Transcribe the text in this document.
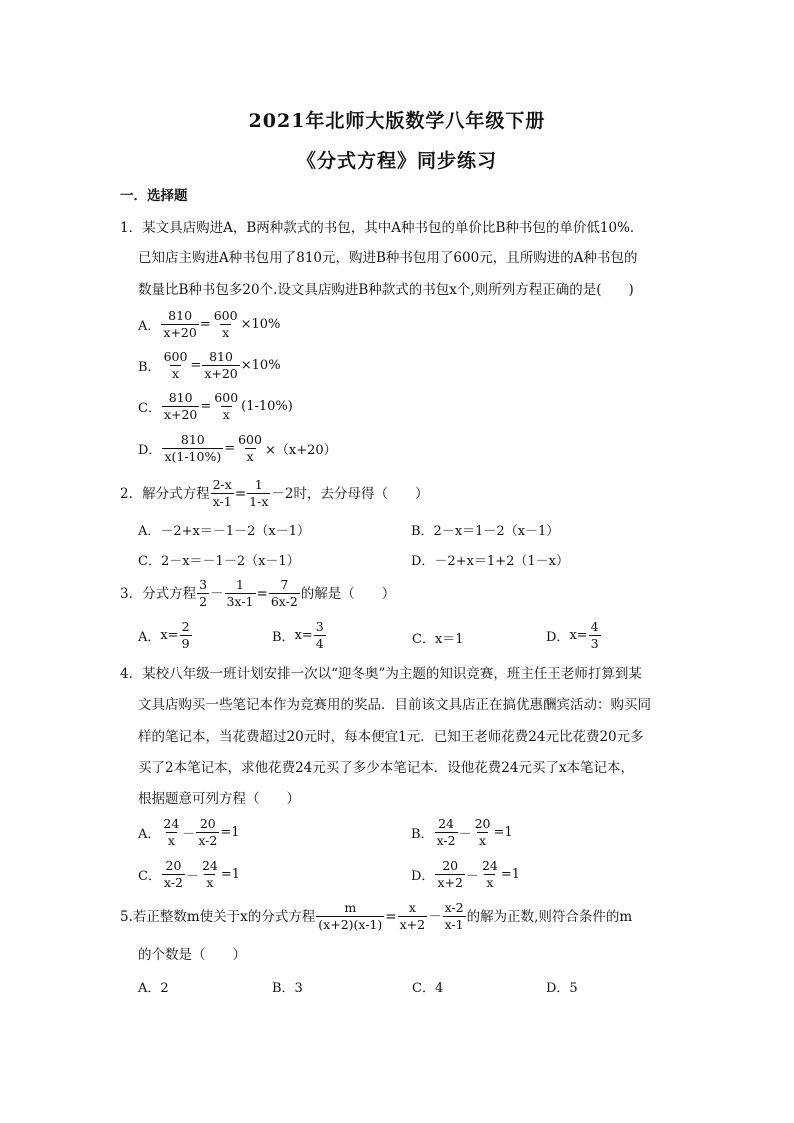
2021年北师大版数学八年级下册
《分式方程》同步练习
一．选择题
1．某文具店购进A，B两种款式的书包，其中A种书包的单价比B种书包的单价低10%．
已知店主购进A种书包用了810元，购进B种书包用了600元，且所购进的A种书包的
数量比B种书包多20个.设文具店购进B种款式的书包x个,则所列方程正确的是(　　)
A． $\frac{810}{x+20} = \frac{600}{x} \times 10\%$
B． $\frac{600}{x} = \frac{810}{x+20} \times 10\%$
C． $\frac{810}{x+20} = \frac{600}{x} (1-10\%)$
D． $\frac{810}{x(1-10\%)} = \frac{600}{x} \times(x+20)$
2．解分式方程 $\frac{2-x}{x-1} = \frac{1}{1-x} -2$时，去分母得（　　）
A．－2+x＝－1－2（x－1）	B．2－x＝1－2（x－1）
C．2－x＝－1－2（x－1）	D．－2+x＝1+2（1－x）
3．分式方程 $\frac{3}{2} - \frac{1}{3x-1} = \frac{7}{6x-2}$ 的解是（　　）
A． $x= \frac{2}{9}$	B． $x= \frac{3}{4}$	C．x＝1	D． $x= \frac{4}{3}$
4．某校八年级一班计划安排一次以“迎冬奥”为主题的知识竞赛，班主任王老师打算到某
文具店购买一些笔记本作为竞赛用的奖品．目前该文具店正在搞优惠酬宾活动：购买同
样的笔记本，当花费超过20元时，每本便宜1元．已知王老师花费24元比花费20元多
买了2本笔记本，求他花费24元买了多少本笔记本．设他花费24元买了x本笔记本，
根据题意可列方程（　　）
A． $\frac{24}{x} - \frac{20}{x-2} =1$	B． $\frac{24}{x-2} - \frac{20}{x} =1$
C． $\frac{20}{x-2} - \frac{24}{x} =1$	D． $\frac{20}{x+2} - \frac{24}{x} =1$
5.若正整数m使关于x的分式方程 $\frac{m}{(x+2)(x-1)} = \frac{x}{x+2} - \frac{x-2}{x-1}$ 的解为正数,则符合条件的m
的个数是（　　）
A．2	B．3	C．4	D．5
